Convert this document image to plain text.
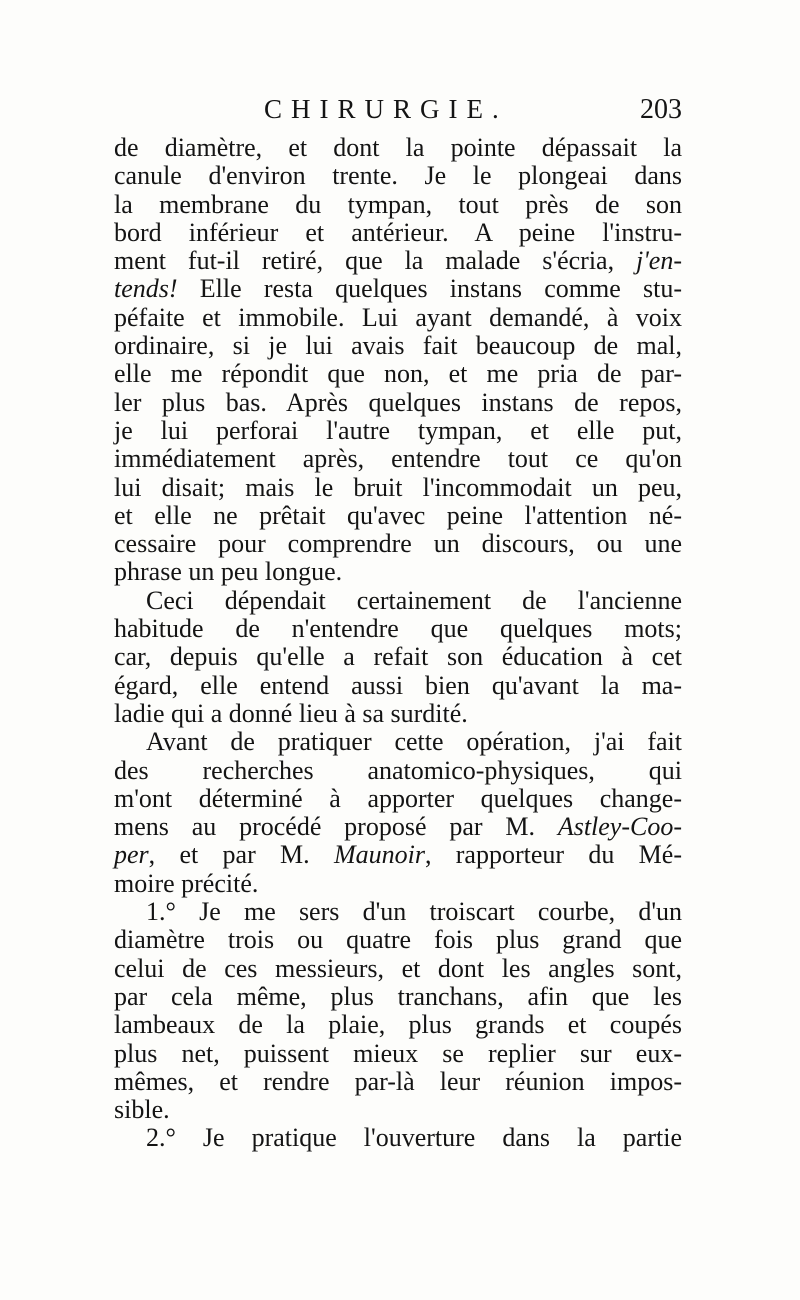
CHIRURGIE.	203
de diamètre, et dont la pointe dépassait la
canule d'environ trente. Je le plongeai dans
la membrane du tympan, tout près de son
bord inférieur et antérieur. A peine l'instru-
ment fut-il retiré, que la malade s'écria, j'en-
tends! Elle resta quelques instans comme stu-
péfaite et immobile. Lui ayant demandé, à voix
ordinaire, si je lui avais fait beaucoup de mal,
elle me répondit que non, et me pria de par-
ler plus bas. Après quelques instans de repos,
je lui perforai l'autre tympan, et elle put,
immédiatement après, entendre tout ce qu'on
lui disait; mais le bruit l'incommodait un peu,
et elle ne prêtait qu'avec peine l'attention né-
cessaire pour comprendre un discours, ou une
phrase un peu longue.
Ceci dépendait certainement de l'ancienne
habitude de n'entendre que quelques mots;
car, depuis qu'elle a refait son éducation à cet
égard, elle entend aussi bien qu'avant la ma-
ladie qui a donné lieu à sa surdité.
Avant de pratiquer cette opération, j'ai fait
des recherches anatomico-physiques, qui
m'ont déterminé à apporter quelques change-
mens au procédé proposé par M. Astley-Coo-
per, et par M. Maunoir, rapporteur du Mé-
moire précité.
1.° Je me sers d'un troiscart courbe, d'un
diamètre trois ou quatre fois plus grand que
celui de ces messieurs, et dont les angles sont,
par cela même, plus tranchans, afin que les
lambeaux de la plaie, plus grands et coupés
plus net, puissent mieux se replier sur eux-
mêmes, et rendre par-là leur réunion impos-
sible.
2.° Je pratique l'ouverture dans la partie
